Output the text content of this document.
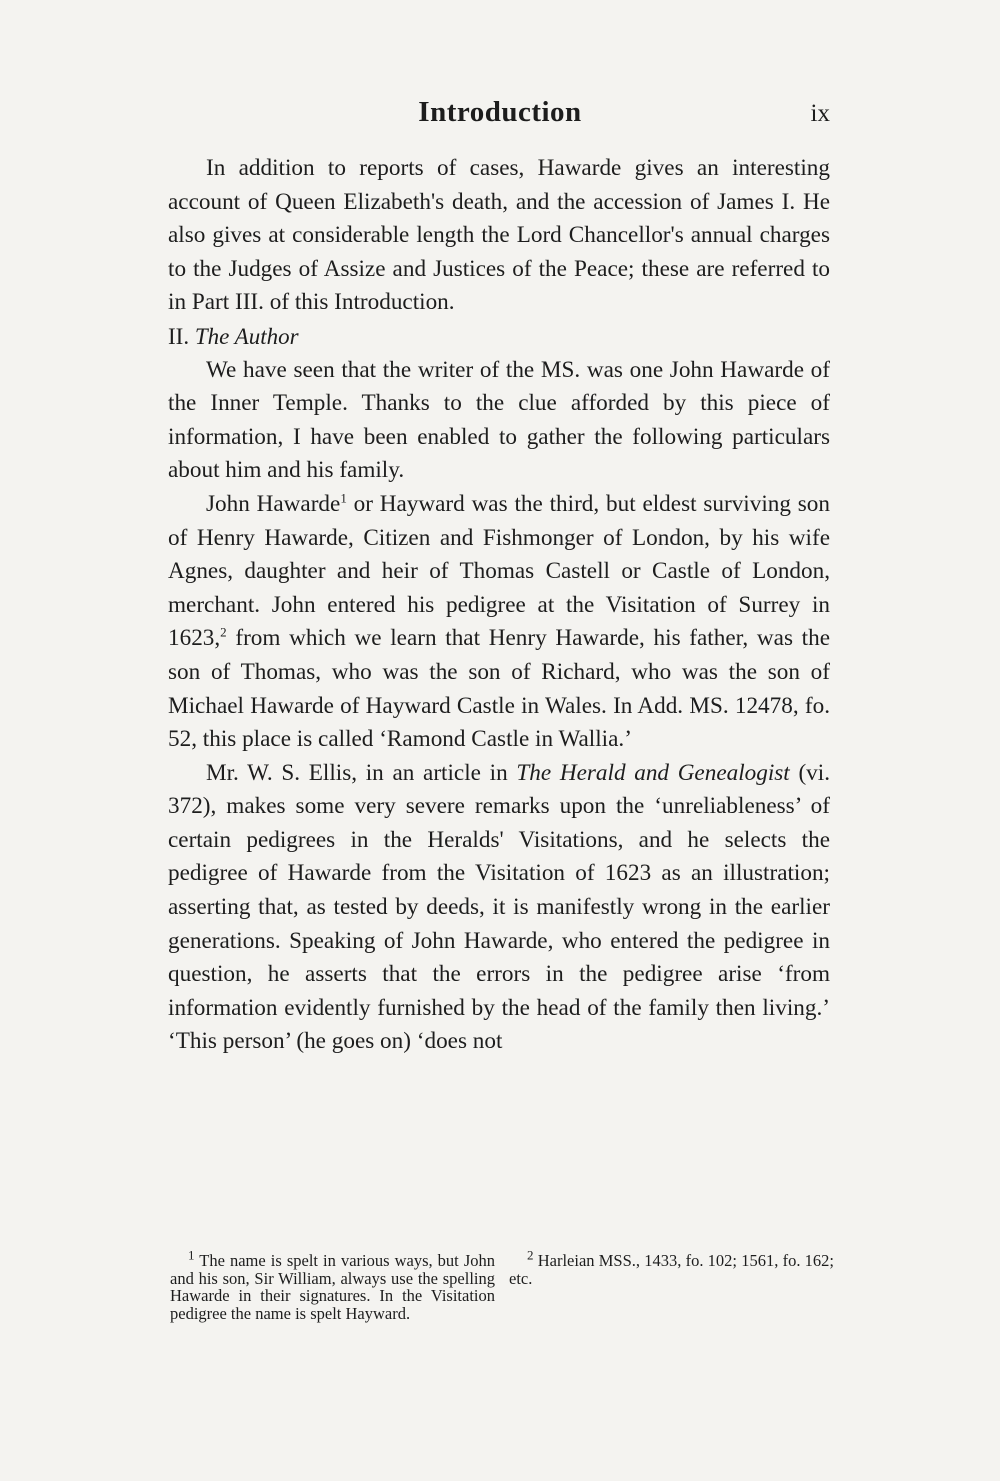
Introduction	ix

In addition to reports of cases, Hawarde gives an interesting account of Queen Elizabeth's death, and the accession of James I. He also gives at considerable length the Lord Chancellor's annual charges to the Judges of Assize and Justices of the Peace; these are referred to in Part III. of this Introduction.

II. The Author

We have seen that the writer of the MS. was one John Hawarde of the Inner Temple. Thanks to the clue afforded by this piece of information, I have been enabled to gather the following particulars about him and his family.

John Hawarde$^1$ or Hayward was the third, but eldest surviving son of Henry Hawarde, Citizen and Fishmonger of London, by his wife Agnes, daughter and heir of Thomas Castell or Castle of London, merchant. John entered his pedigree at the Visitation of Surrey in 1623,$^2$ from which we learn that Henry Hawarde, his father, was the son of Thomas, who was the son of Richard, who was the son of Michael Hawarde of Hayward Castle in Wales. In Add. MS. 12478, fo. 52, this place is called ‘Ramond Castle in Wallia.’

Mr. W. S. Ellis, in an article in The Herald and Genealogist (vi. 372), makes some very severe remarks upon the ‘unreliableness’ of certain pedigrees in the Heralds' Visitations, and he selects the pedigree of Hawarde from the Visitation of 1623 as an illustration; asserting that, as tested by deeds, it is manifestly wrong in the earlier generations. Speaking of John Hawarde, who entered the pedigree in question, he asserts that the errors in the pedigree arise ‘from information evidently furnished by the head of the family then living.’ ‘This person’ (he goes on) ‘does not

$^1$ The name is spelt in various ways, but John and his son, Sir William, always use the spelling Hawarde in their signatures. In the Visitation pedigree the name is spelt Hayward.

$^2$ Harleian MSS., 1433, fo. 102; 1561, fo. 162; etc.
